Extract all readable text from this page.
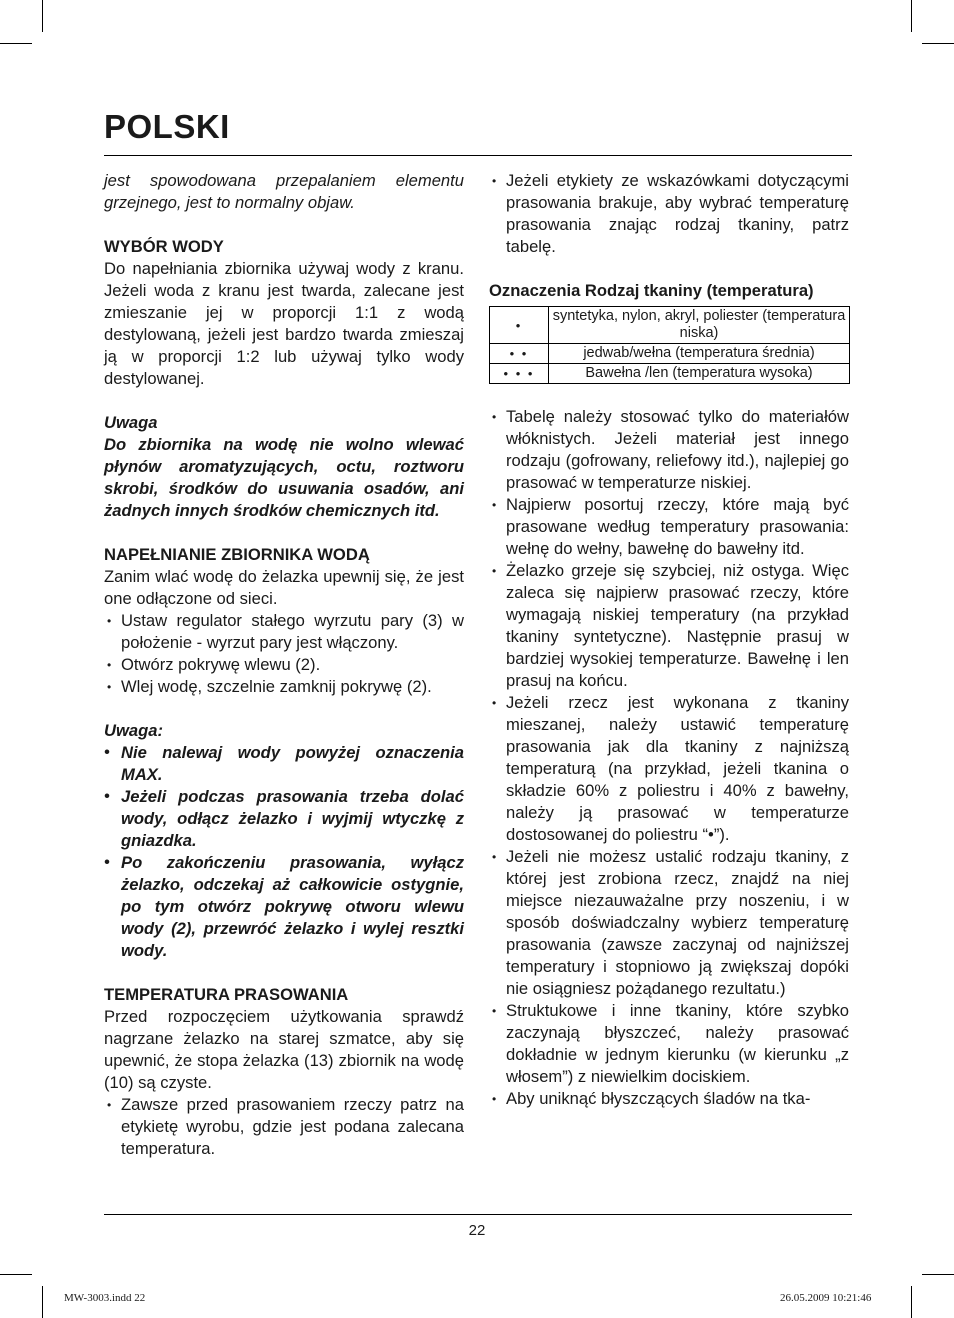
POLSKI

jest spowodowana przepalaniem elementu grzejnego, jest to normalny objaw.

WYBÓR WODY

Do napełniania zbiornika używaj wody z kranu. Jeżeli woda z kranu jest twarda, zalecane jest zmieszanie jej w proporcji 1:1 z wodą destylowaną, jeżeli jest bardzo twarda zmieszaj ją w proporcji 1:2 lub używaj tylko wody destylowanej.

Uwaga

Do zbiornika na wodę nie wolno wlewać płynów aromatyzujących, octu, roztworu skrobi, środków do usuwania osadów, ani żadnych innych środków chemicznych itd.

NAPEŁNIANIE ZBIORNIKA WODĄ

Zanim wlać wodę do żelazka upewnij się, że jest one odłączone od sieci.

• Ustaw regulator stałego wyrzutu pary (3) w położenie - wyrzut pary jest włączony.
• Otwórz pokrywę wlewu (2).
• Wlej wodę, szczelnie zamknij pokrywę (2).

Uwaga:

• Nie nalewaj wody powyżej oznaczenia MAX.
• Jeżeli podczas prasowania trzeba dolać wody, odłącz żelazko i wyjmij wtyczkę z gniazdka.
• Po zakończeniu prasowania, wyłącz żelazko, odczekaj aż całkowicie ostygnie, po tym otwórz pokrywę otworu wlewu wody (2), przewróć żelazko i wylej resztki wody.
TEMPERATURA PRASOWANIA

Przed rozpoczęciem użytkowania sprawdź nagrzane żelazko na starej szmatce, aby się upewnić, że stopa żelazka (13) zbiornik na wodę (10) są czyste.

• Zawsze przed prasowaniem rzeczy patrz na etykietę wyrobu, gdzie jest podana zalecana temperatura.
• Jeżeli etykiety ze wskazówkami dotyczącymi prasowania brakuje, aby wybrać temperaturę prasowania znając rodzaj tkaniny, patrz tabelę.
Oznaczenia Rodzaj tkaniny (temperatura)
•	syntetyka, nylon, akryl, poliester (temperatura niska)
• •	jedwab/wełna (temperatura średnia)
• • •	Bawełna /len (temperatura wysoka)
• Tabelę należy stosować tylko do materiałów włóknistych. Jeżeli materiał jest innego rodzaju (gofrowany, reliefowy itd.), najlepiej go prasować w temperaturze niskiej.
• Najpierw posortuj rzeczy, które mają być prasowane według temperatury prasowania: wełnę do wełny, bawełnę do bawełny itd.
• Żelazko grzeje się szybciej, niż ostyga. Więc zaleca się najpierw prasować rzeczy, które wymagają niskiej temperatury (na przykład tkaniny syntetyczne). Następnie prasuj w bardziej wysokiej temperaturze. Bawełnę i len prasuj na końcu.
• Jeżeli rzecz jest wykonana z tkaniny mieszanej, należy ustawić temperaturę prasowania jak dla tkaniny z najniższą temperaturą (na przykład, jeżeli tkanina o składzie 60% z poliestru i 40% z bawełny, należy ją prasować w temperaturze dostosowanej do poliestru “•”).
• Jeżeli nie możesz ustalić rodzaju tkaniny, z której jest zrobiona rzecz, znajdź na niej miejsce niezauważalne przy noszeniu, i w sposób doświadczalny wybierz temperaturę prasowania (zawsze zaczynaj od najniższej temperatury i stopniowo ją zwiększaj dopóki nie osiągniesz pożądanego rezultatu.)
• Struktukowe i inne tkaniny, które szybko zaczynają błyszczeć, należy prasować dokładnie w jednym kierunku (w kierunku „z włosem”) z niewielkim dociskiem.
• Aby uniknąć błyszczących śladów na tka-
22
MW-3003.indd 22	26.05.2009 10:21:46
